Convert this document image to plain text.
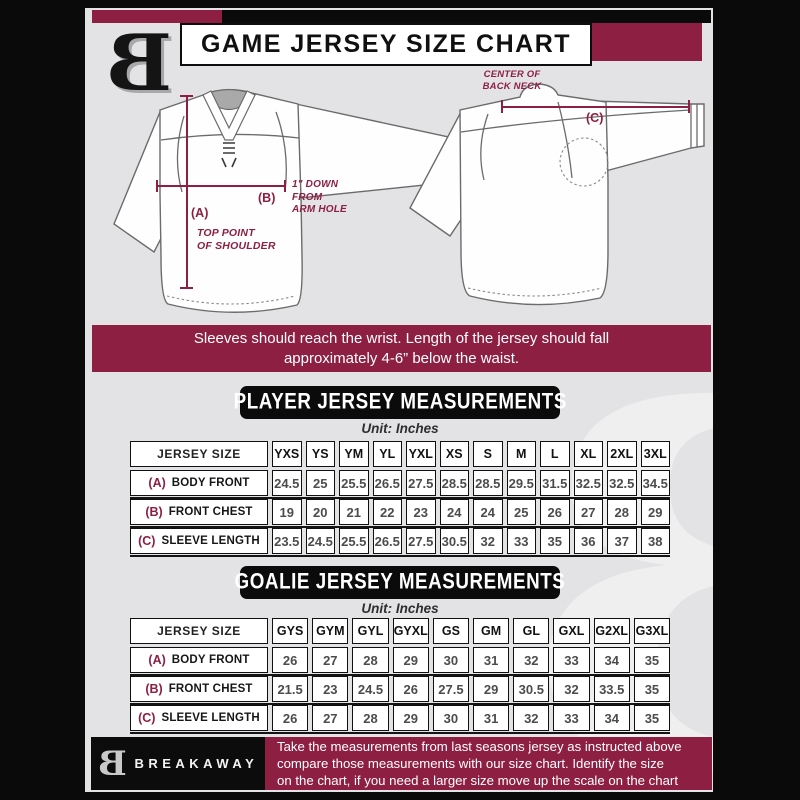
GAME JERSEY SIZE CHART
B	CENTER OF
BACK NECK
(C)
(A)
TOP POINT
OF SHOULDER
(B)
1" DOWN
FROM
ARM HOLE
Sleeves should reach the wrist. Length of the jersey should fall
approximately 4-6” below the waist.
PLAYER JERSEY MEASUREMENTS
Unit: Inches
JERSEY SIZE	YXS	YS	YM	YL	YXL	XS	S	M	L	XL	2XL 3XL
(A) BODY FRONT 24.5	25	25.5 26.5 27.5 28.5 28.5 29.5 31.5 32.5 32.5 34.5
(B) FRONT CHEST	19	20	21	22	23	24	24	25	26	27	28	29
(C) SLEEVE LENGTH 23.5 24.5 25.5 26.5 27.5 30.5	32	33	35	36	37	38
GOALIE JERSEY MEASUREMENTS
Unit: Inches
JERSEY SIZE	GYS	GYM	GYL GYXL	GS	GM	GL	GXL G2XL G3XL
(A) BODY FRONT	26	27	28	29	30	31	32	33	34	35
(B) FRONT CHEST	21.5	23	24.5	26	27.5	29	30.5	32	33.5	35
(C) SLEEVE LENGTH	26	27	28	29	30	31	32	33	34	35
B BREAKAWAY
Take the measurements from last seasons jersey as instructed above
compare those measurements with our size chart. Identify the size
on the chart, if you need a larger size move up the scale on the chart
